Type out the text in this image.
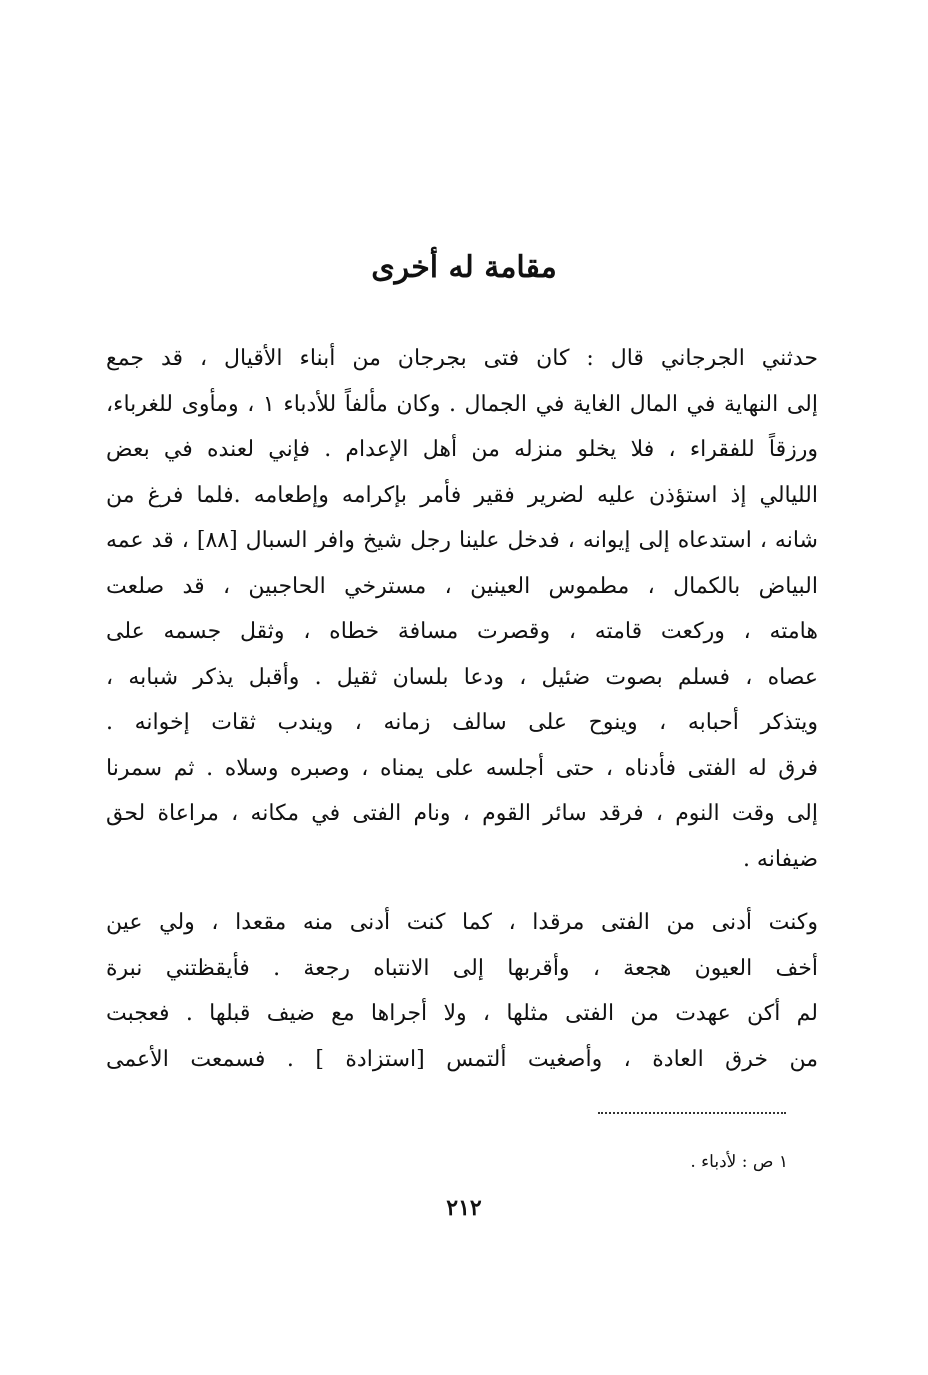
مقامة له أخرى
حدثني الجرجاني قال : كان فتى بجرجان من أبناء الأقيال ، قد جمع
إلى النهاية في المال الغاية في الجمال . وكان مألفاً للأدباء ١ ، ومأوى للغرباء،
ورزقاً للفقراء ، فلا يخلو منزله من أهل الإعدام . فإني لعنده في بعض
الليالي إذ استؤذن عليه لضرير فقير فأمر بإكرامه وإطعامه .فلما فرغ من
شانه ، استدعاه إلى إيوانه ، فدخل علينا رجل شيخ وافر السبال [٨٨] ، قد عمه
البياض بالكمال ، مطموس العينين ، مسترخي الحاجبين ، قد صلعت
هامته ، وركعت قامته ، وقصرت مسافة خطاه ، وثقل جسمه على
عصاه ، فسلم بصوت ضئيل ، ودعا بلسان ثقيل . وأقبل يذكر شبابه ،
ويتذكر أحبابه ، وينوح على سالف زمانه ، ويندب ثقات إخوانه .
فرق له الفتى فأدناه ، حتى أجلسه على يمناه ، وصبره وسلاه . ثم سمرنا
إلى وقت النوم ، فرقد سائر القوم ، ونام الفتى في مكانه ، مراعاة لحق
ضيفانه .
وكنت أدنى من الفتى مرقدا ، كما كنت أدنى منه مقعدا ، ولي عين
أخف العيون هجعة ، وأقربها إلى الانتباه رجعة . فأيقظتني نبرة
لم أكن عهدت من الفتى مثلها ، ولا أجراها مع ضيف قبلها . فعجبت
من خرق العادة ، وأصغيت ألتمس [استزادة ] . فسمعت الأعمى

١ ص : لأدباء .

٢١٢
